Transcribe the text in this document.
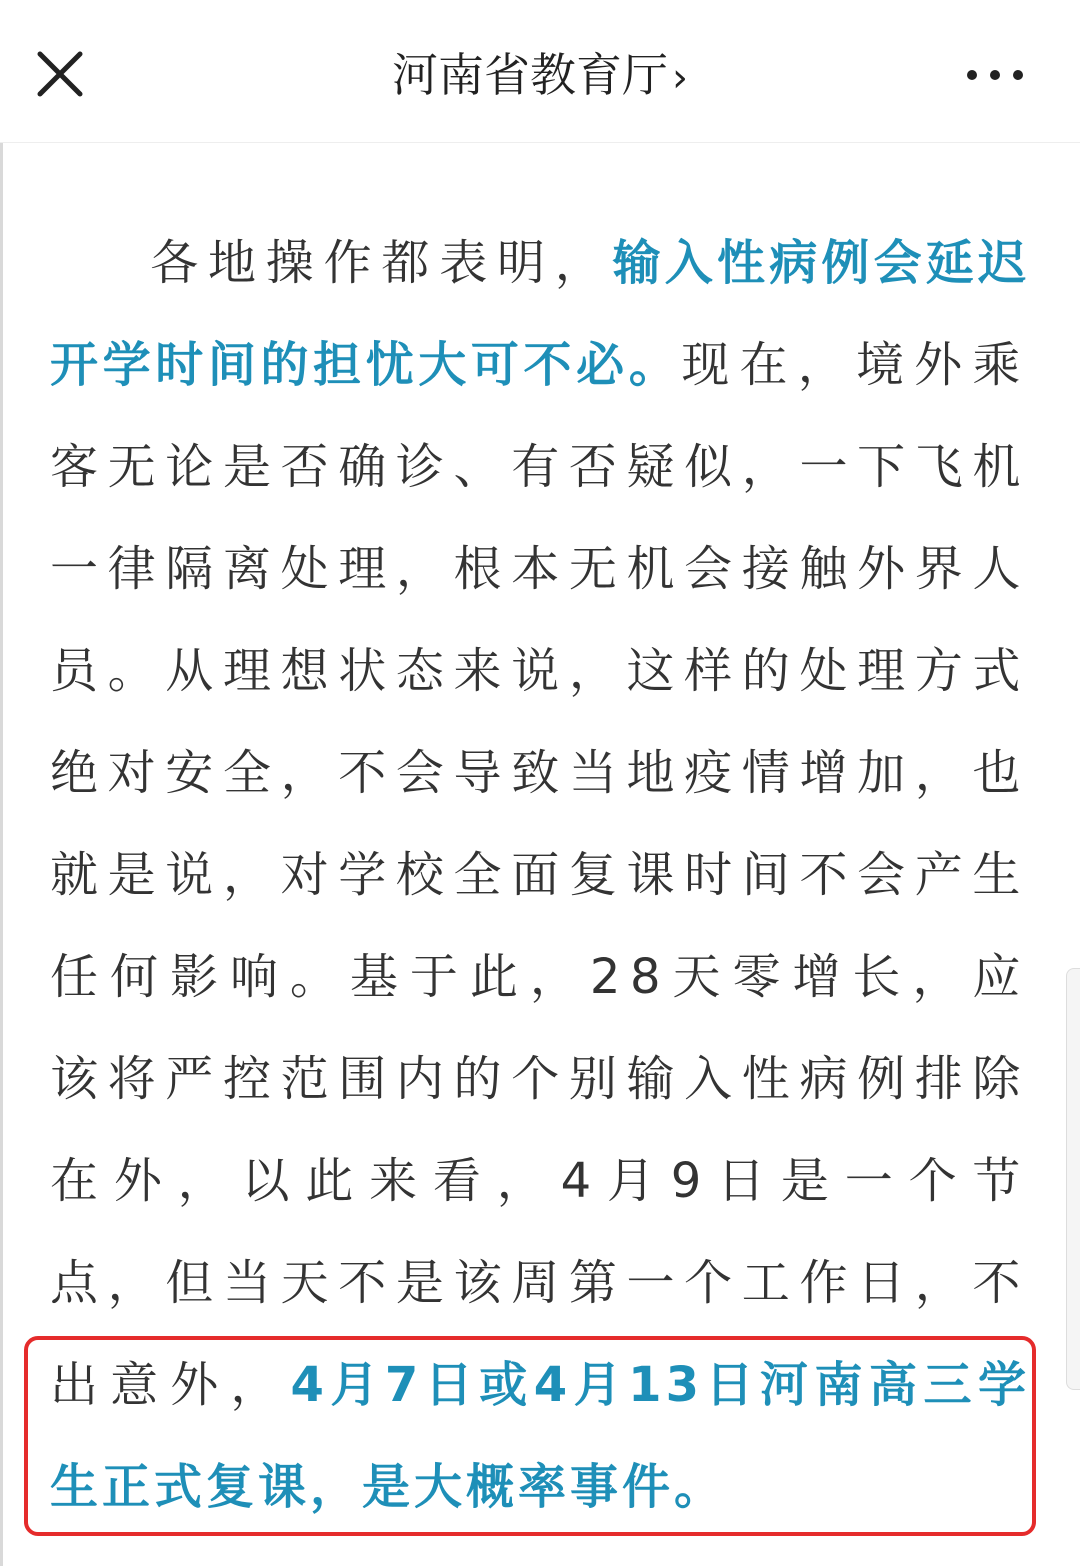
河南省教育厅 ›

各地操作都表明，输入性病例会延迟开学时间的担忧大可不必。现在，境外乘客无论是否确诊、有否疑似，一下飞机一律隔离处理，根本无机会接触外界人员。从理想状态来说，这样的处理方式绝对安全，不会导致当地疫情增加，也就是说，对学校全面复课时间不会产生任何影响。基于此，28天零增长，应该将严控范围内的个别输入性病例排除在外，以此来看，4月9日是一个节点，但当天不是该周第一个工作日，不出意外，4月7日或4月13日河南高三学生正式复课，是大概率事件。
